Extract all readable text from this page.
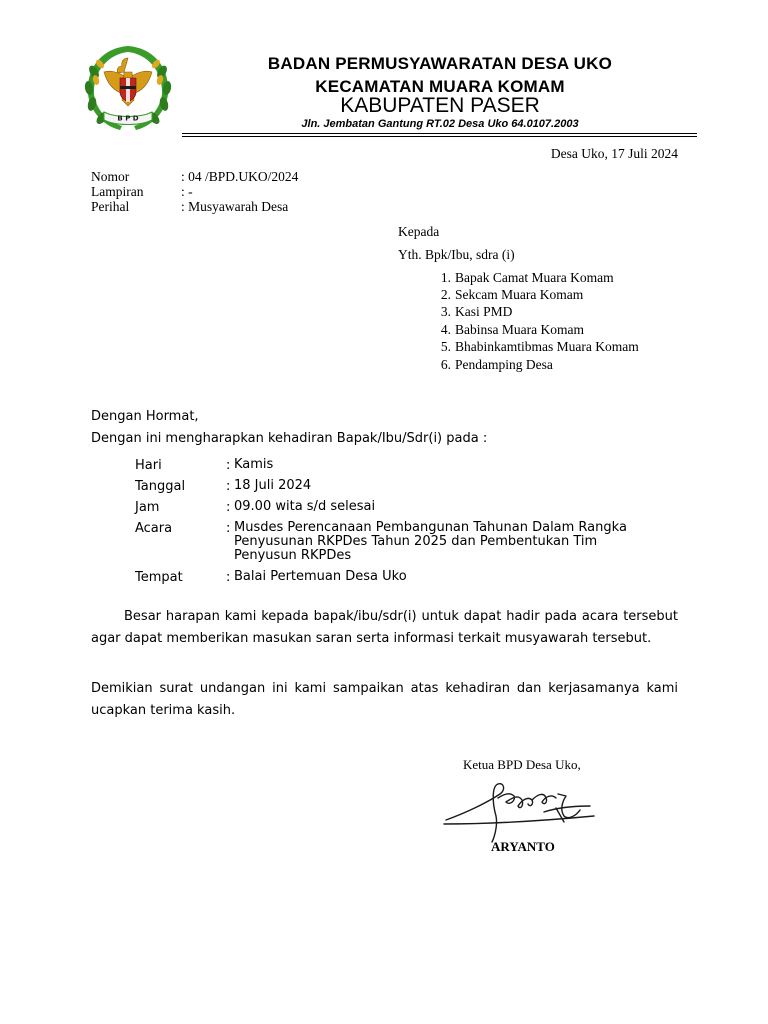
B P D
BADAN PERMUSYAWARATAN DESA UKO
KECAMATAN MUARA KOMAM
KABUPATEN PASER
Jln. Jembatan Gantung RT.02 Desa Uko 64.0107.2003
Desa Uko, 17 Juli 2024
Nomor	: 04 /BPD.UKO/2024
Lampiran	: -
Perihal	: Musyawarah Desa
Kepada
Yth. Bpk/Ibu, sdra (i)
1. Bapak Camat Muara Komam
2. Sekcam Muara Komam
3. Kasi PMD
4. Babinsa Muara Komam
5. Bhabinkamtibmas Muara Komam
6. Pendamping Desa
Dengan Hormat,
Dengan ini mengharapkan kehadiran Bapak/Ibu/Sdr(i) pada :
Hari	: Kamis
Tanggal	: 18 Juli 2024
Jam	: 09.00 wita s/d selesai
Acara	: Musdes Perencanaan Pembangunan Tahunan Dalam Rangka Penyusunan RKPDes Tahun 2025 dan Pembentukan Tim Penyusun RKPDes
Tempat	: Balai Pertemuan Desa Uko
Besar harapan kami kepada bapak/ibu/sdr(i) untuk dapat hadir pada acara tersebut agar dapat memberikan masukan saran serta informasi terkait musyawarah tersebut.
Demikian surat undangan ini kami sampaikan atas kehadiran dan kerjasamanya kami ucapkan terima kasih.
Ketua BPD Desa Uko,
ARYANTO
